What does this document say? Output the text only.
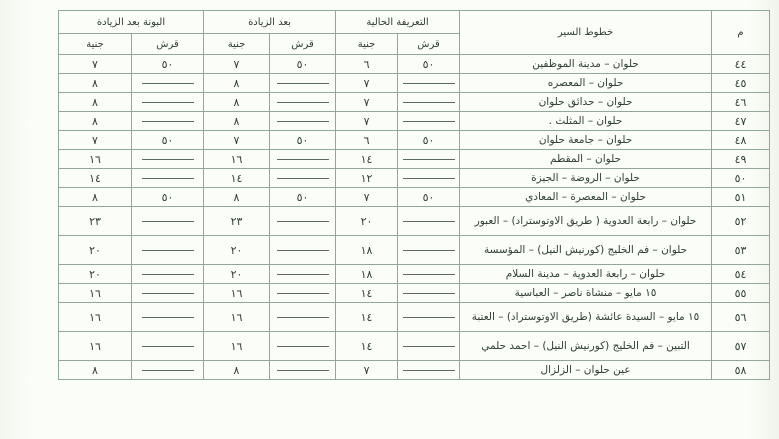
م	خطوط السير	التعريفة الحالية		بعد الزيادة		البونة بعد الزيادة	
		قرش	جنية	قرش	جنية	قرش	جنية
٤٤	حلوان – مدينة الموظفين	٥٠	٦	٥٠	٧	٥٠	٧
٤٥	حلوان – المعصره		٧		٨		٨
٤٦	حلوان – حدائق حلوان		٧		٨		٨
٤٧	حلوان – المثلث .		٧		٨		٨
٤٨	حلوان – جامعة حلوان	٥٠	٦	٥٠	٧	٥٠	٧
٤٩	حلوان – المقطم		١٤		١٦		١٦
٥٠	حلوان – الروضة – الجيزة		١٢		١٤		١٤
٥١	حلوان – المعصرة – المعادي	٥٠	٧	٥٠	٨	٥٠	٨
٥٢	حلوان – رابعة العدوية ( طريق الاوتوستراد) – العبور		٢٠		٢٣		٢٣
٥٣	حلوان – فم الخليج (كورنيش النيل) – المؤسسة		١٨		٢٠		٢٠
٥٤	حلوان – رابعة العدوية – مدينة السلام		١٨		٢٠		٢٠
٥٥	١٥ مايو – منشاة ناصر – العباسية		١٤		١٦		١٦
٥٦	١٥ مايو – السيدة عائشة (طريق الاوتوستراد) – العتبة		١٤		١٦		١٦
٥٧	التبين – فم الخليج (كورنيش النيل) – احمد حلمي		١٤		١٦		١٦
٥٨	عين حلوان – الزلزال		٧		٨		٨
